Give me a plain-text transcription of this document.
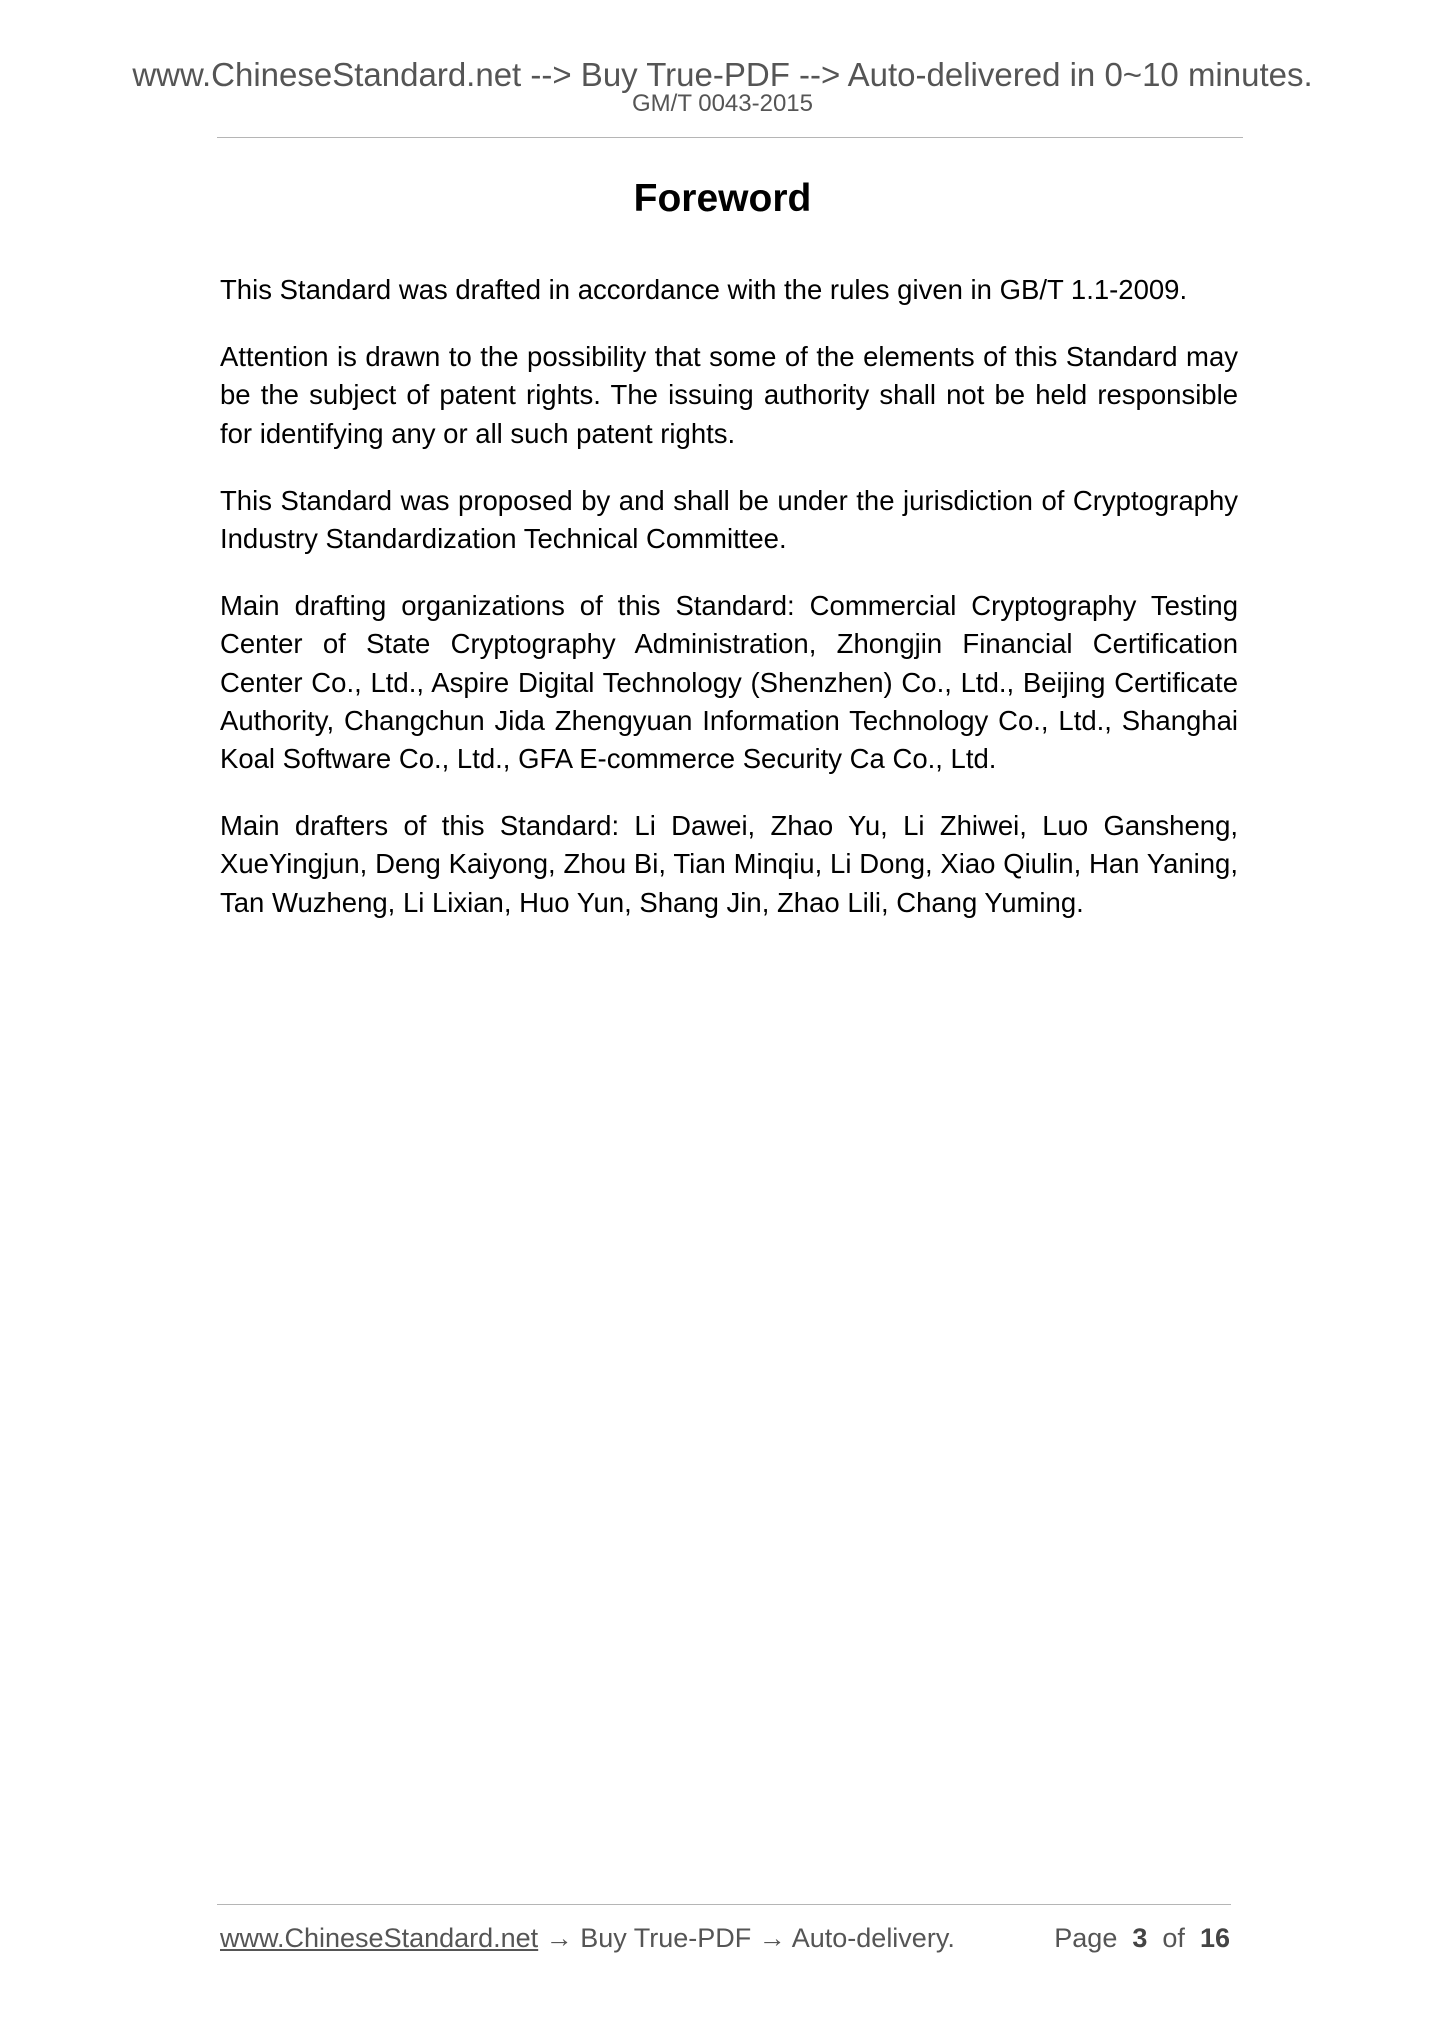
www.ChineseStandard.net --> Buy True-PDF --> Auto-delivered in 0~10 minutes.
GM/T 0043-2015
Foreword

This Standard was drafted in accordance with the rules given in GB/T 1.1-2009.

Attention is drawn to the possibility that some of the elements of this Standard may be the subject of patent rights. The issuing authority shall not be held responsible for identifying any or all such patent rights.

This Standard was proposed by and shall be under the jurisdiction of Cryptography Industry Standardization Technical Committee.

Main drafting organizations of this Standard: Commercial Cryptography Testing Center of State Cryptography Administration, Zhongjin Financial Certification Center Co., Ltd., Aspire Digital Technology (Shenzhen) Co., Ltd., Beijing Certificate Authority, Changchun Jida Zhengyuan Information Technology Co., Ltd., Shanghai Koal Software Co., Ltd., GFA E-commerce Security Ca Co., Ltd.

Main drafters of this Standard: Li Dawei, Zhao Yu, Li Zhiwei, Luo Gansheng, XueYingjun, Deng Kaiyong, Zhou Bi, Tian Minqiu, Li Dong, Xiao Qiulin, Han Yaning, Tan Wuzheng, Li Lixian, Huo Yun, Shang Jin, Zhao Lili, Chang Yuming.

www.ChineseStandard.net → Buy True-PDF → Auto-delivery.	Page 3 of 16
